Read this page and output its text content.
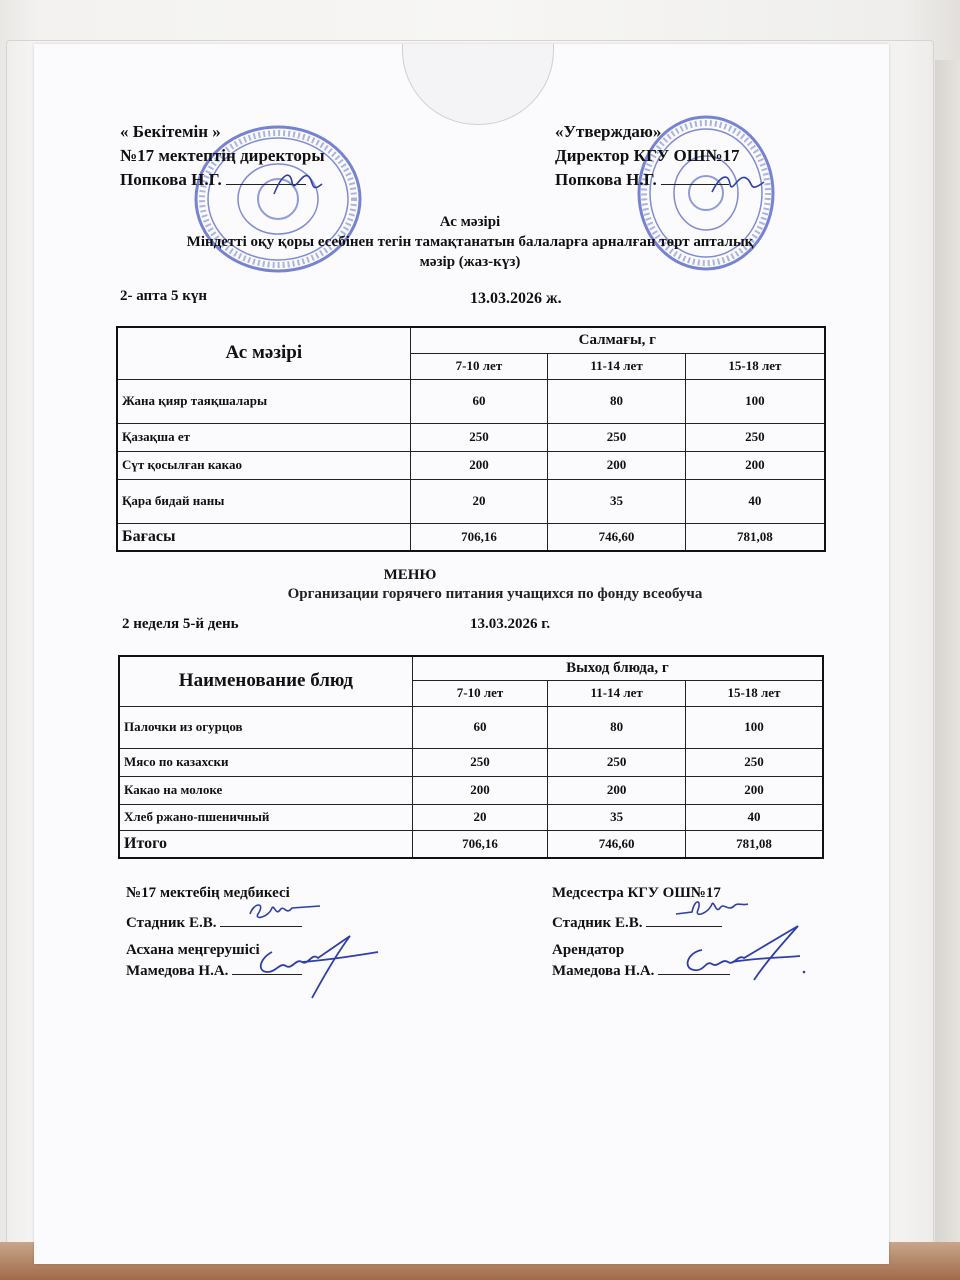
« Бекітемін »
№17 мектептің директоры
Попкова Н.Г.
«Утверждаю»
Директор КГУ ОШ№17
Попкова Н.Г.
Ас мәзірі
Міндетті оқу қоры есебінен тегін тамақтанатын балаларға арналған төрт апталық
мәзір (жаз-күз)
2- апта 5 күн	13.03.2026 ж.
Ас мәзірі	Салмағы, г		
	7-10 лет	11-14 лет	15-18 лет
Жана қияр таяқшалары	60	80	100
Қазақша ет	250	250	250
Сүт қосылған какао	200	200	200
Қара бидай наны	20	35	40
Бағасы	706,16	746,60	781,08
МЕНЮ
Организации горячего питания учащихся по фонду всеобуча
2 неделя 5-й день	13.03.2026 г.
Наименование блюд	Выход блюда, г		
	7-10 лет	11-14 лет	15-18 лет
Палочки из огурцов	60	80	100
Мясо по казахски	250	250	250
Какао на молоке	200	200	200
Хлеб ржано-пшеничный	20	35	40
Итого	706,16	746,60	781,08
№17 мектебің медбикесі
Стадник Е.В.
Асхана меңгерушісі
Мамедова Н.А.
Медсестра КГУ ОШ№17
Стадник Е.В.
Арендатор
Мамедова Н.А.
